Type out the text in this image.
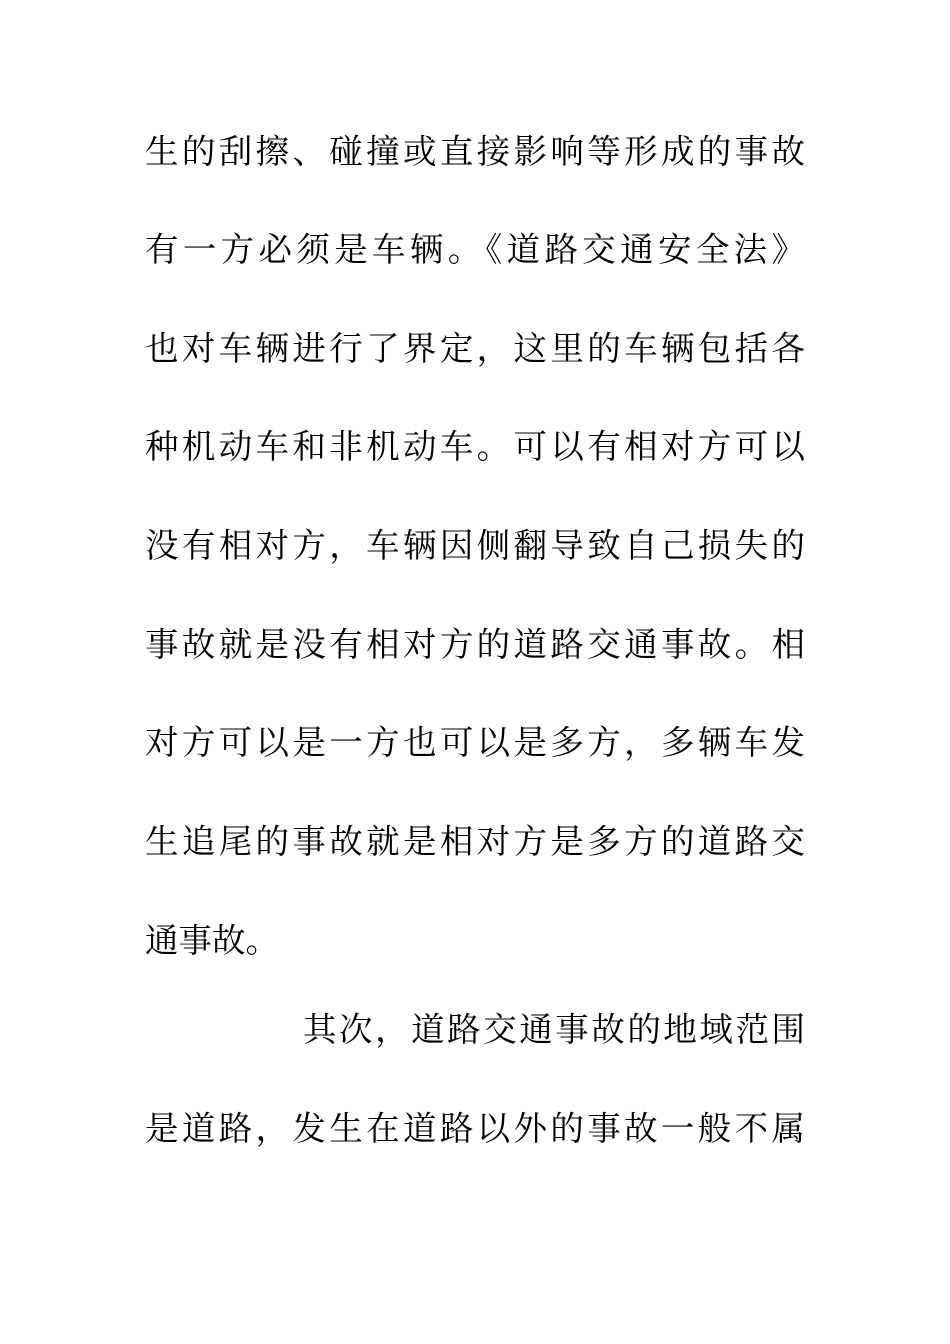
生的刮擦、碰撞或直接影响等形成的事故
有一方必须是车辆。《道路交通安全法》
也对车辆进行了界定，这里的车辆包括各
种机动车和非机动车。可以有相对方可以
没有相对方，车辆因侧翻导致自己损失的
事故就是没有相对方的道路交通事故。相
对方可以是一方也可以是多方，多辆车发
生追尾的事故就是相对方是多方的道路交
通事故。
其次，道路交通事故的地域范围
是道路，发生在道路以外的事故一般不属
